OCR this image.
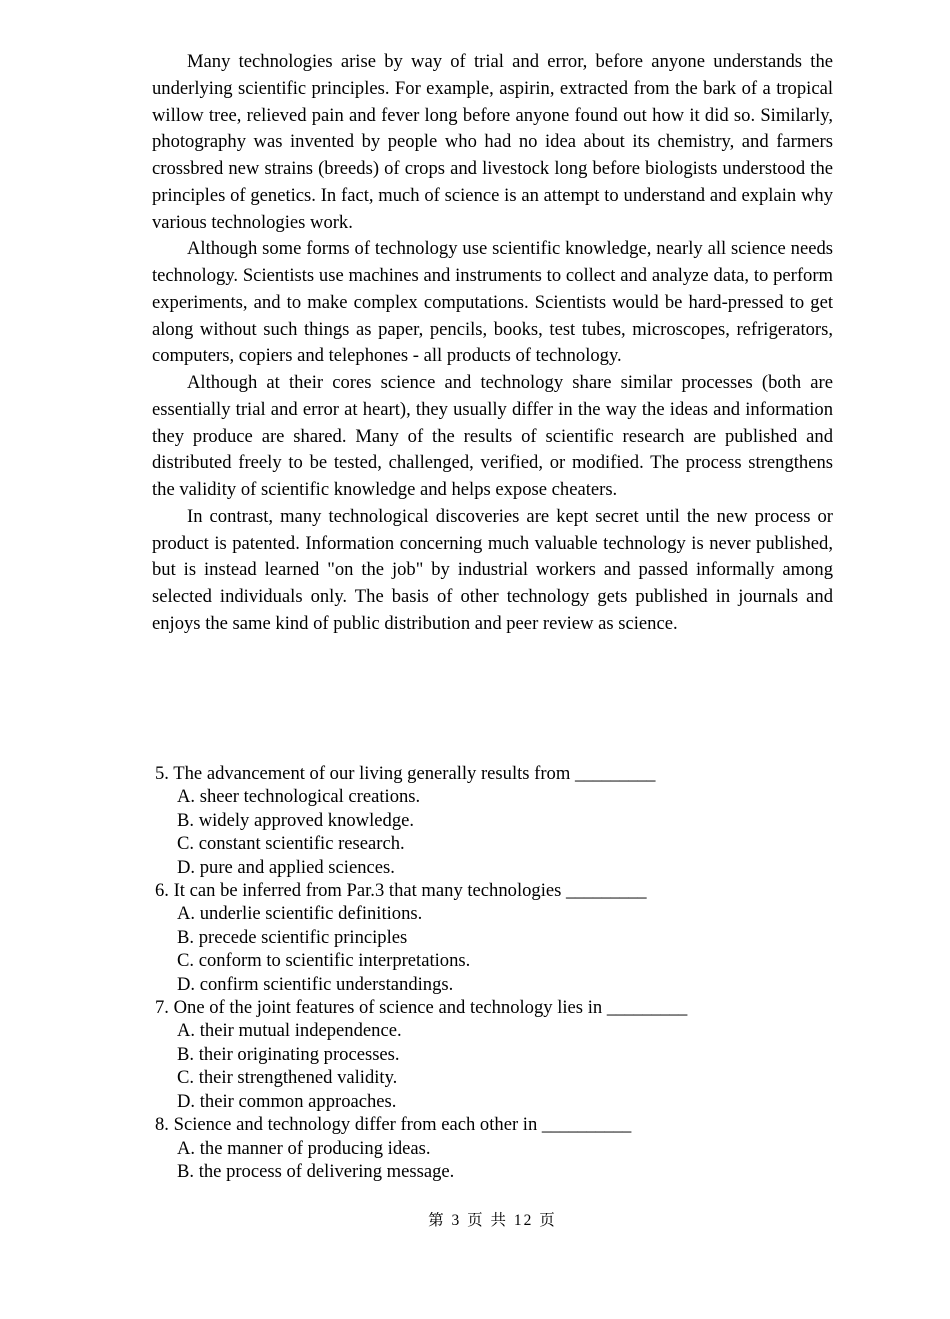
Many technologies arise by way of trial and error, before anyone understands the underlying scientific principles. For example, aspirin, extracted from the bark of a tropical willow tree, relieved pain and fever long before anyone found out how it did so. Similarly, photography was invented by people who had no idea about its chemistry, and farmers crossbred new strains (breeds) of crops and livestock long before biologists understood the principles of genetics. In fact, much of science is an attempt to understand and explain why various technologies work.

Although some forms of technology use scientific knowledge, nearly all science needs technology. Scientists use machines and instruments to collect and analyze data, to perform experiments, and to make complex computations. Scientists would be hard-pressed to get along without such things as paper, pencils, books, test tubes, microscopes, refrigerators, computers, copiers and telephones - all products of technology.

Although at their cores science and technology share similar processes (both are essentially trial and error at heart), they usually differ in the way the ideas and information they produce are shared. Many of the results of scientific research are published and distributed freely to be tested, challenged, verified, or modified. The process strengthens the validity of scientific knowledge and helps expose cheaters.

In contrast, many technological discoveries are kept secret until the new process or product is patented. Information concerning much valuable technology is never published, but is instead learned "on the job" by industrial workers and passed informally among selected individuals only. The basis of other technology gets published in journals and enjoys the same kind of public distribution and peer review as science.

5. The advancement of our living generally results from _________
A. sheer technological creations.
B. widely approved knowledge.
C. constant scientific research.
D. pure and applied sciences.
6. It can be inferred from Par.3 that many technologies _________
A. underlie scientific definitions.
B. precede scientific principles
C. conform to scientific interpretations.
D. confirm scientific understandings.
7. One of the joint features of science and technology lies in _________
A. their mutual independence.
B. their originating processes.
C. their strengthened validity.
D. their common approaches.
8. Science and technology differ from each other in __________
A. the manner of producing ideas.
B. the process of delivering message.
第 3 页 共 12 页
